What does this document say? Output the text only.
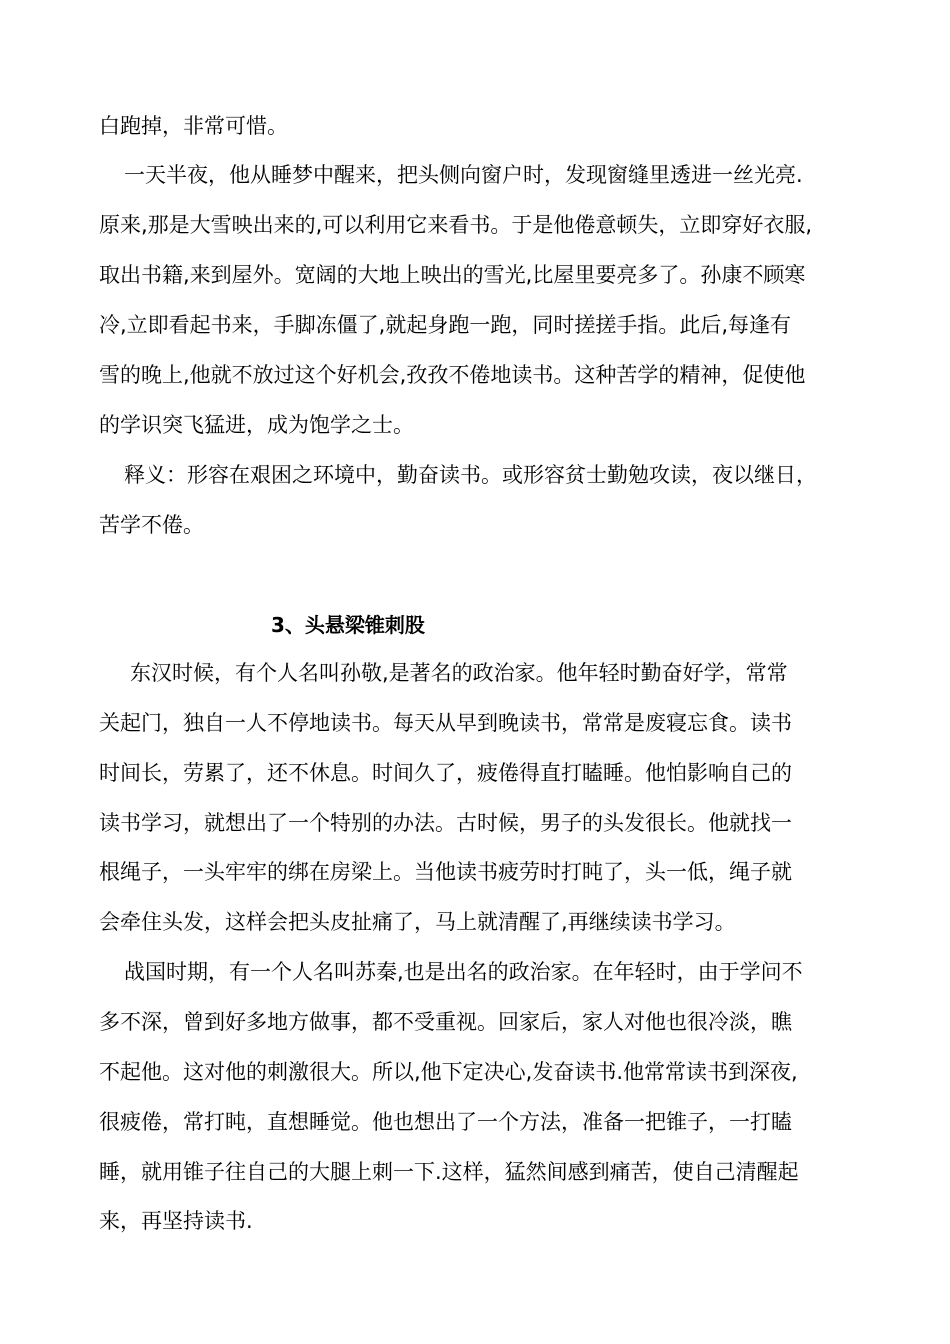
白跑掉，非常可惜。
一天半夜，他从睡梦中醒来，把头侧向窗户时，发现窗缝里透进一丝光亮.
原来,那是大雪映出来的,可以利用它来看书。于是他倦意顿失，立即穿好衣服,
取出书籍,来到屋外。宽阔的大地上映出的雪光,比屋里要亮多了。孙康不顾寒
冷,立即看起书来，手脚冻僵了,就起身跑一跑，同时搓搓手指。此后,每逢有
雪的晚上,他就不放过这个好机会,孜孜不倦地读书。这种苦学的精神，促使他
的学识突飞猛进，成为饱学之士。
释义：形容在艰困之环境中，勤奋读书。或形容贫士勤勉攻读，夜以继日，
苦学不倦。
3、头悬梁锥刺股
东汉时候，有个人名叫孙敬,是著名的政治家。他年轻时勤奋好学，常常
关起门，独自一人不停地读书。每天从早到晚读书，常常是废寝忘食。读书
时间长，劳累了，还不休息。时间久了，疲倦得直打瞌睡。他怕影响自己的
读书学习，就想出了一个特别的办法。古时候，男子的头发很长。他就找一
根绳子，一头牢牢的绑在房梁上。当他读书疲劳时打盹了，头一低，绳子就
会牵住头发，这样会把头皮扯痛了，马上就清醒了,再继续读书学习。
战国时期，有一个人名叫苏秦,也是出名的政治家。在年轻时，由于学问不
多不深，曾到好多地方做事，都不受重视。回家后，家人对他也很冷淡，瞧
不起他。这对他的刺激很大。所以,他下定决心,发奋读书.他常常读书到深夜,
很疲倦，常打盹，直想睡觉。他也想出了一个方法，准备一把锥子，一打瞌
睡，就用锥子往自己的大腿上刺一下.这样，猛然间感到痛苦，使自己清醒起
来，再坚持读书.
